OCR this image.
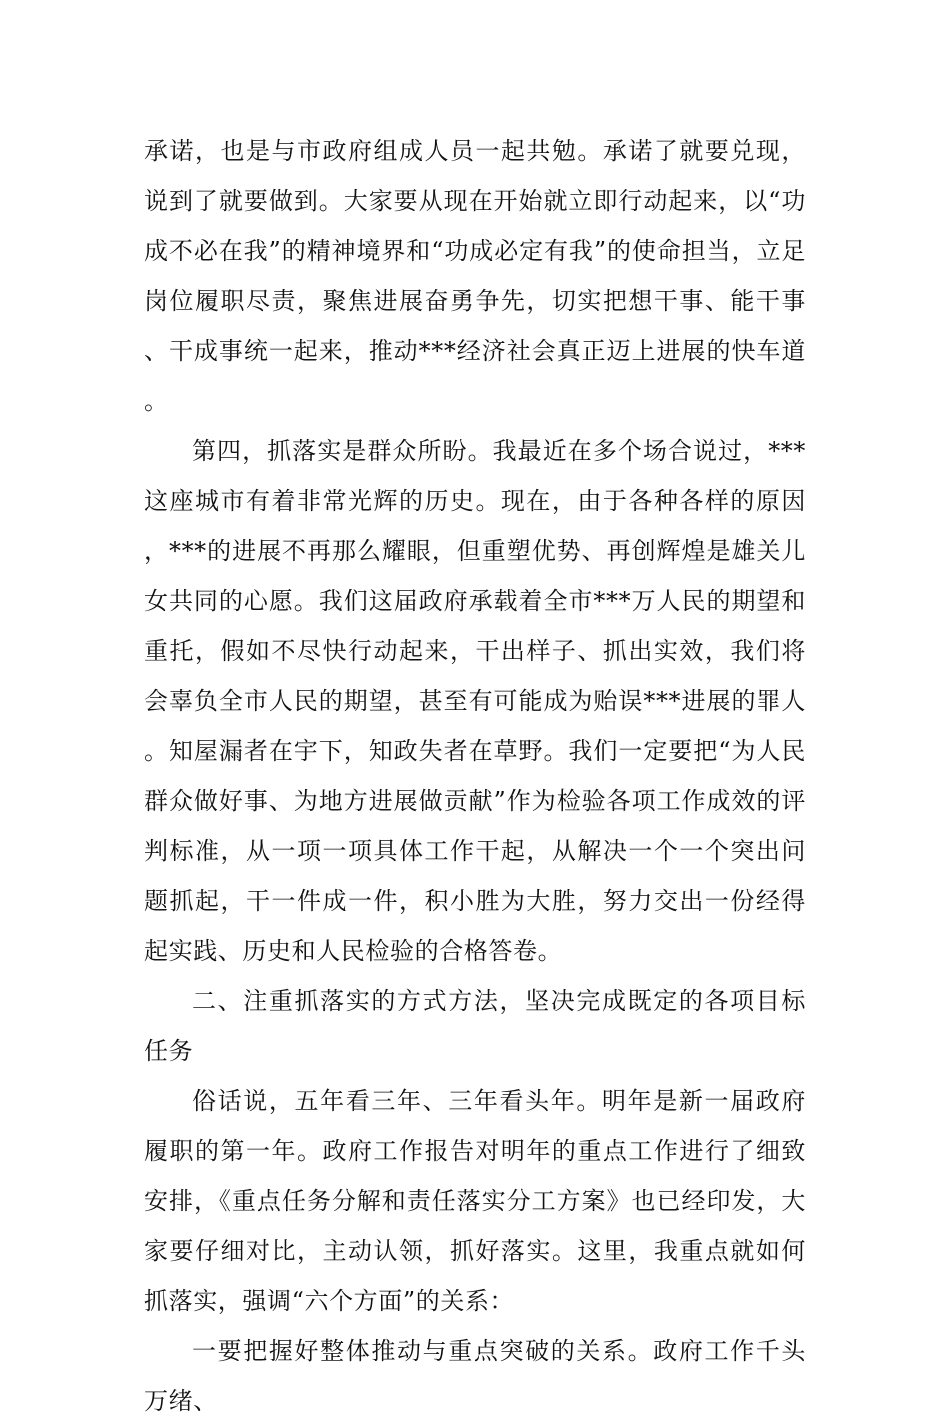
承诺，也是与市政府组成人员一起共勉。承诺了就要兑现，说到了就要做到。大家要从现在开始就立即行动起来，以“功成不必在我”的精神境界和“功成必定有我”的使命担当，立足岗位履职尽责，聚焦进展奋勇争先，切实把想干事、能干事、干成事统一起来，推动***经济社会真正迈上进展的快车道。

第四，抓落实是群众所盼。我最近在多个场合说过，***这座城市有着非常光辉的历史。现在，由于各种各样的原因，***的进展不再那么耀眼，但重塑优势、再创辉煌是雄关儿女共同的心愿。我们这届政府承载着全市***万人民的期望和重托，假如不尽快行动起来，干出样子、抓出实效，我们将会辜负全市人民的期望，甚至有可能成为贻误***进展的罪人。知屋漏者在宇下，知政失者在草野。我们一定要把“为人民群众做好事、为地方进展做贡献”作为检验各项工作成效的评判标准，从一项一项具体工作干起，从解决一个一个突出问题抓起，干一件成一件，积小胜为大胜，努力交出一份经得起实践、历史和人民检验的合格答卷。

二、注重抓落实的方式方法，坚决完成既定的各项目标任务

俗话说，五年看三年、三年看头年。明年是新一届政府履职的第一年。政府工作报告对明年的重点工作进行了细致安排，《重点任务分解和责任落实分工方案》也已经印发，大家要仔细对比，主动认领，抓好落实。这里，我重点就如何抓落实，强调“六个方面”的关系：

一要把握好整体推动与重点突破的关系。政府工作千头万绪、
